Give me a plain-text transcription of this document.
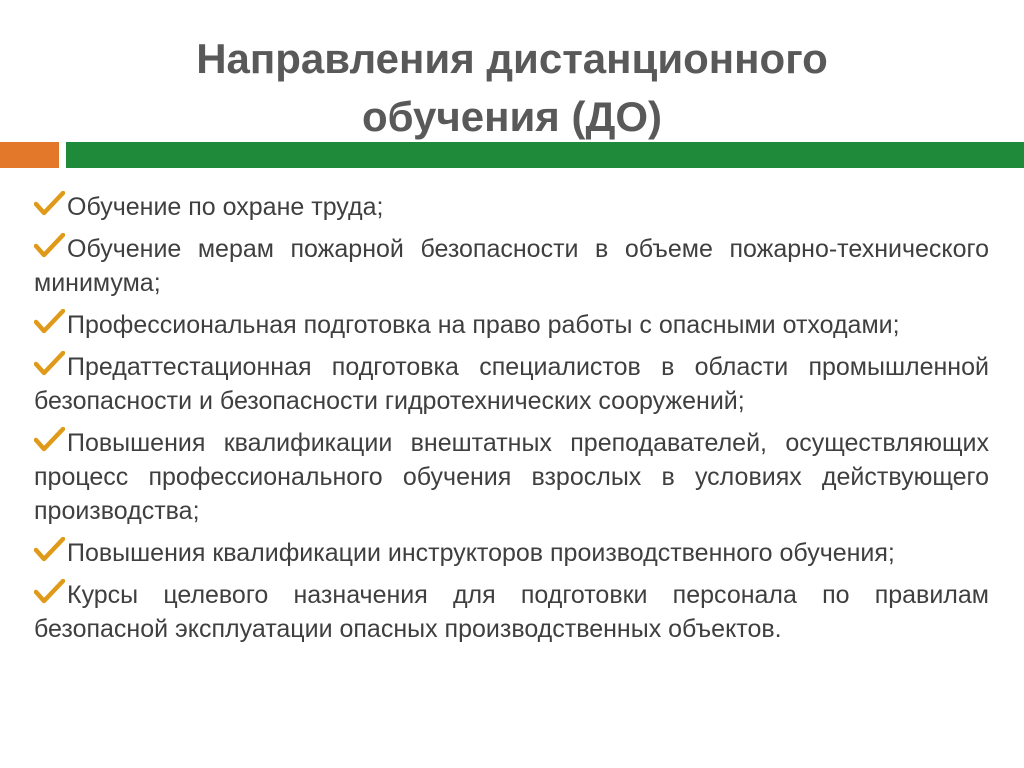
Направления дистанционного
обучения (ДО)
Обучение по охране труда;
Обучение мерам пожарной безопасности в объеме пожарно-технического минимума;
Профессиональная подготовка на право работы с опасными отходами;
Предаттестационная подготовка специалистов в области промышленной безопасности и безопасности гидротехнических сооружений;
Повышения квалификации внештатных преподавателей, осуществляющих процесс профессионального обучения взрослых в условиях действующего производства;
Повышения квалификации инструкторов производственного обучения;
Курсы целевого назначения для подготовки персонала по правилам безопасной эксплуатации опасных производственных объектов.
